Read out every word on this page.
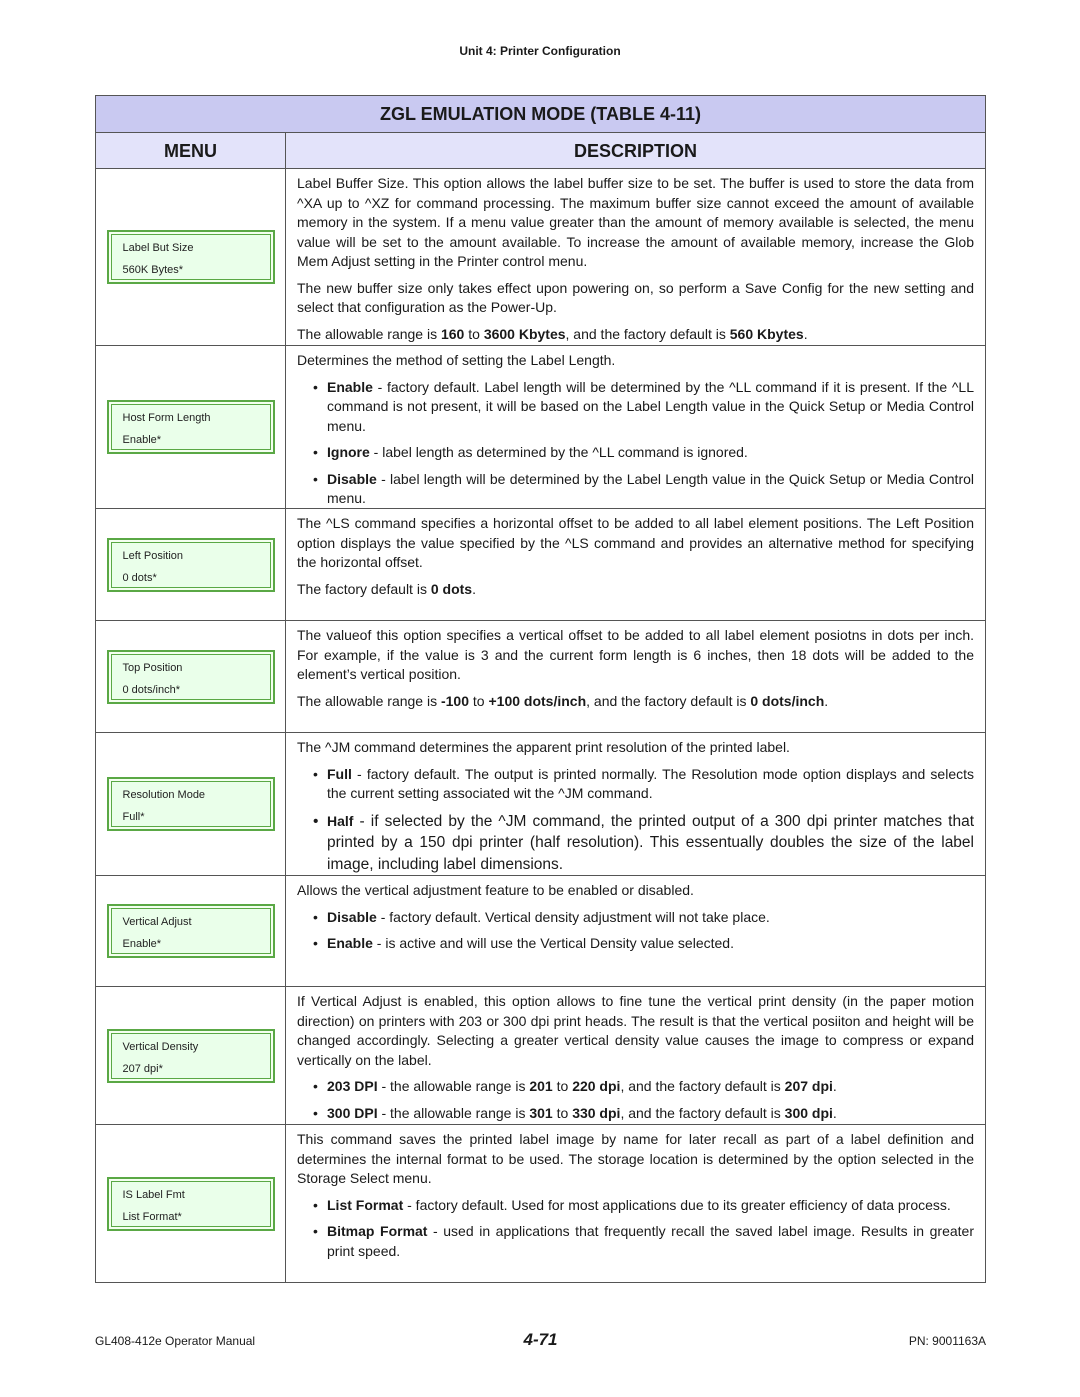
Unit 4: Printer Configuration
ZGL EMULATION MODE (TABLE 4-11)
MENU	DESCRIPTION
Label But Size
560K Bytes*

Label Buffer Size. This option allows the label buffer size to be set. The buffer is used to store the data from ^XA up to ^XZ for command processing. The maximum buffer size cannot exceed the amount of available memory in the system. If a menu value greater than the amount of memory available is selected, the menu value will be set to the amount available. To increase the amount of available memory, increase the Glob Mem Adjust setting in the Printer control menu.

The new buffer size only takes effect upon powering on, so perform a Save Config for the new setting and select that configuration as the Power-Up.

The allowable range is 160 to 3600 Kbytes, and the factory default is 560 Kbytes.

Host Form Length
Enable*

Determines the method of setting the Label Length.

• Enable - factory default. Label length will be determined by the ^LL command if it is present. If the ^LL command is not present, it will be based on the Label Length value in the Quick Setup or Media Control menu.
• Ignore - label length as determined by the ^LL command is ignored.
• Disable - label length will be determined by the Label Length value in the Quick Setup or Media Control menu.
Left Position
0 dots*

The ^LS command specifies a horizontal offset to be added to all label element positions. The Left Position option displays the value specified by the ^LS command and provides an alternative method for specifying the horizontal offset.

The factory default is 0 dots.

Top Position
0 dots/inch*

The valueof this option specifies a vertical offset to be added to all label element posiotns in dots per inch. For example, if the value is 3 and the current form length is 6 inches, then 18 dots will be added to the element’s vertical position.

The allowable range is -100 to +100 dots/inch, and the factory default is 0 dots/inch.

Resolution Mode
Full*

The ^JM command determines the apparent print resolution of the printed label.

• Full - factory default. The output is printed normally. The Resolution mode option displays and selects the current setting associated wit the ^JM command.
• Half - if selected by the ^JM command, the printed output of a 300 dpi printer matches that printed by a 150 dpi printer (half resolution). This essentually doubles the size of the label image, including label dimensions.
Vertical Adjust
Enable*

Allows the vertical adjustment feature to be enabled or disabled.

• Disable - factory default. Vertical density adjustment will not take place.
• Enable - is active and will use the Vertical Density value selected.
Vertical Density
207 dpi*

If Vertical Adjust is enabled, this option allows to fine tune the vertical print density (in the paper motion direction) on printers with 203 or 300 dpi print heads. The result is that the vertical posiiton and height will be changed accordingly. Selecting a greater vertical density value causes the image to compress or expand vertically on the label.

• 203 DPI - the allowable range is 201 to 220 dpi, and the factory default is 207 dpi.
• 300 DPI - the allowable range is 301 to 330 dpi, and the factory default is 300 dpi.
IS Label Fmt
List Format*

This command saves the printed label image by name for later recall as part of a label definition and determines the internal format to be used. The storage location is determined by the option selected in the Storage Select menu.

• List Format - factory default. Used for most applications due to its greater efficiency of data process.
• Bitmap Format - used in applications that frequently recall the saved label image. Results in greater print speed.
GL408-412e Operator Manual	4-71	PN: 9001163A
